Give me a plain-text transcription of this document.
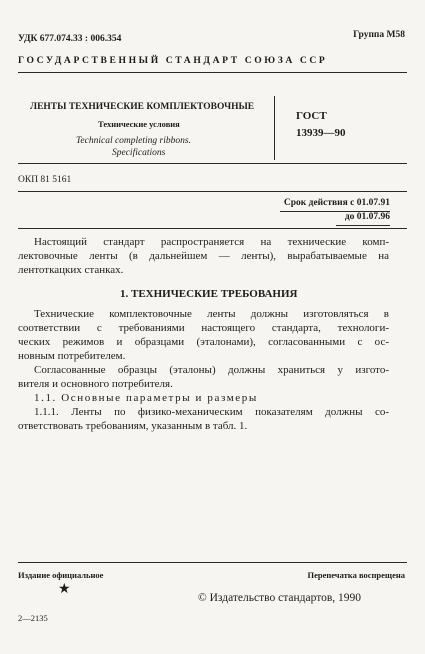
УДК 677.074.33 : 006.354	Группа М58
ГОСУДАРСТВЕННЫЙ СТАНДАРТ СОЮЗА ССР
ЛЕНТЫ ТЕХНИЧЕСКИЕ КОМПЛЕКТОВОЧНЫЕ
Технические условия
Technical completing ribbons.
Specifications
ГОСТ
13939—90
ОКП 81 5161
Срок действия с 01.07.91
до 01.07.96
Настоящий стандарт распространяется на технические комп-
лектовочные ленты (в дальнейшем — ленты), вырабатываемые на
лентоткацких станках.
1. ТЕХНИЧЕСКИЕ ТРЕБОВАНИЯ
Технические комплектовочные ленты должны изготовляться в
соответствии с требованиями настоящего стандарта, технологи-
ческих режимов и образцами (эталонами), согласованными с ос-
новным потребителем.
Согласованные образцы (эталоны) должны храниться у изгото-
вителя и основного потребителя.
1.1. Основные параметры и размеры
1.1.1. Ленты по физико-механическим показателям должны со-
ответствовать требованиям, указанным в табл. 1.
Издание официальное
★
Перепечатка воспрещена
© Издательство стандартов, 1990
2—2135
